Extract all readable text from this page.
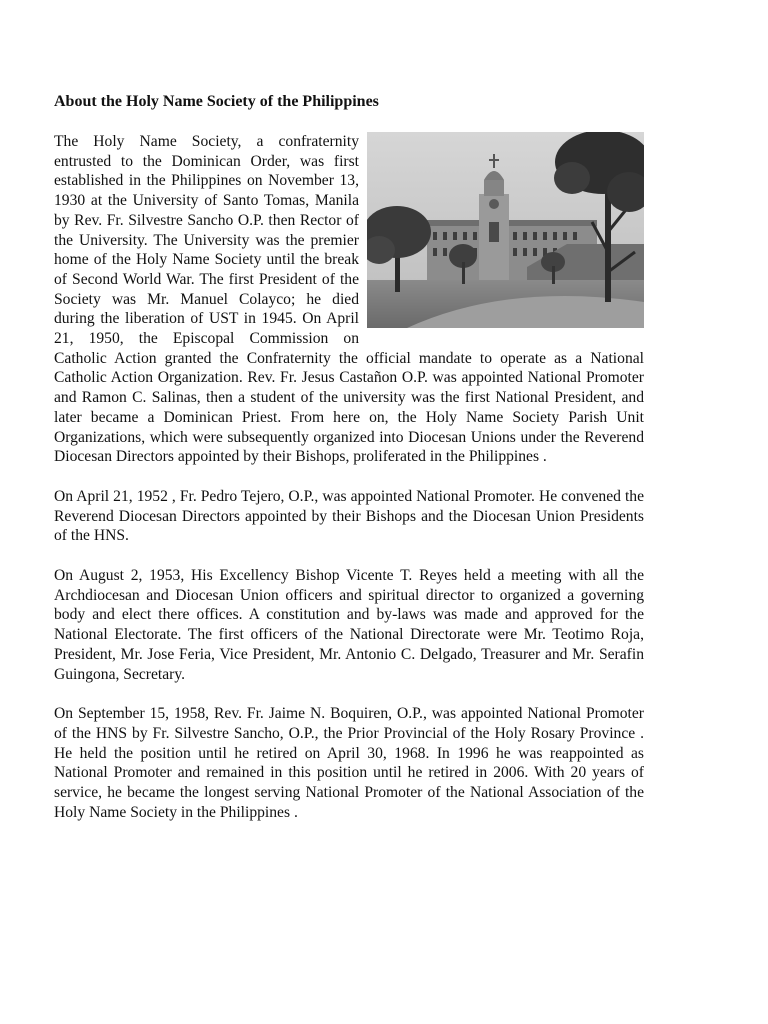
About the Holy Name Society of the Philippines
The Holy Name Society, a confraternity entrusted to the Dominican Order, was first established in the Philippines on November 13, 1930 at the University of Santo Tomas, Manila by Rev. Fr. Silvestre Sancho O.P. then Rector of the University. The University was the premier home of the Holy Name Society until the break of Second World War. The first President of the Society was Mr. Manuel Colayco; he died during the liberation of UST in 1945. On April 21, 1950, the Episcopal Commission on Catholic Action granted the Confraternity the official mandate to operate as a National Catholic Action Organization. Rev. Fr. Jesus Castañon O.P. was appointed National Promoter and Ramon C. Salinas, then a student of the university was the first National President, and later became a Dominican Priest. From here on, the Holy Name Society Parish Unit Organizations, which were subsequently organized into Diocesan Unions under the Reverend Diocesan Directors appointed by their Bishops, proliferated in the Philippines .
On April 21, 1952 , Fr. Pedro Tejero, O.P., was appointed National Promoter. He convened the Reverend Diocesan Directors appointed by their Bishops and the Diocesan Union Presidents of the HNS.
On August 2, 1953, His Excellency Bishop Vicente T. Reyes held a meeting with all the Archdiocesan and Diocesan Union officers and spiritual director to organized a governing body and elect there offices. A constitution and by-laws was made and approved for the National Electorate. The first officers of the National Directorate were Mr. Teotimo Roja, President, Mr. Jose Feria, Vice President, Mr. Antonio C. Delgado, Treasurer and Mr. Serafin Guingona, Secretary.
On September 15, 1958, Rev. Fr. Jaime N. Boquiren, O.P., was appointed National Promoter of the HNS by Fr. Silvestre Sancho, O.P., the Prior Provincial of the Holy Rosary Province . He held the position until he retired on April 30, 1968. In 1996 he was reappointed as National Promoter and remained in this position until he retired in 2006. With 20 years of service, he became the longest serving National Promoter of the National Association of the Holy Name Society in the Philippines .
